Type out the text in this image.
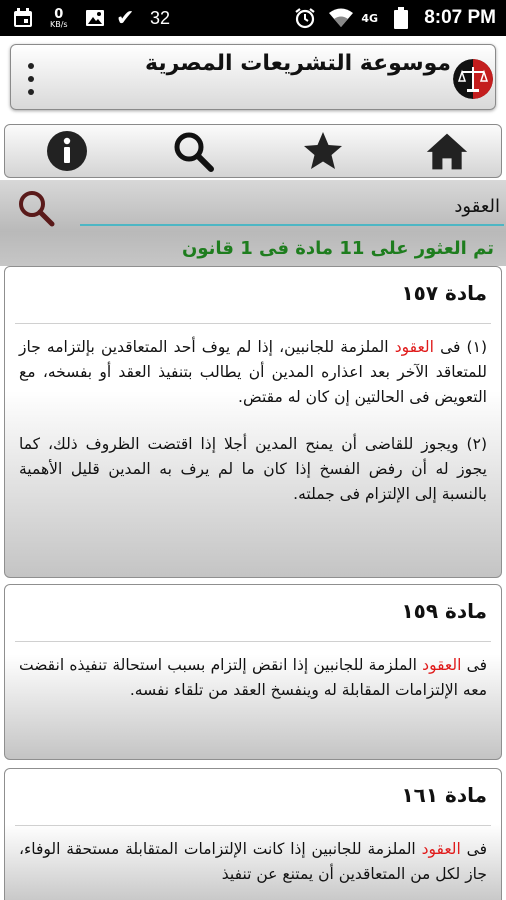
0
KB/s ✔ 32	4G 8:07 PM
موسوعة التشريعات المصرية
العقود
تم العثور على 11 مادة فى 1 قانون
مادة ١٥٧

(١) فى العقود الملزمة للجانبين، إذا لم يوف أحد المتعاقدين بإلتزامه جاز للمتعاقد الآخر بعد اعذاره المدين أن يطالب بتنفيذ العقد أو بفسخه، مع التعويض فى الحالتين إن كان له مقتض.

(٢) ويجوز للقاضى أن يمنح المدين أجلا إذا اقتضت الظروف ذلك، كما يجوز له أن رفض الفسخ إذا كان ما لم يرف به المدين قليل الأهمية بالنسبة إلى الإلتزام فى جملته.

مادة ١٥٩

فى العقود الملزمة للجانبين إذا انقض إلتزام بسبب استحالة تنفيذه انقضت معه الإلتزامات المقابلة له وينفسخ العقد من تلقاء نفسه.

مادة ١٦١

فى العقود الملزمة للجانبين إذا كانت الإلتزامات المتقابلة مستحقة الوفاء، جاز لكل من المتعاقدين أن يمتنع عن تنفيذ
